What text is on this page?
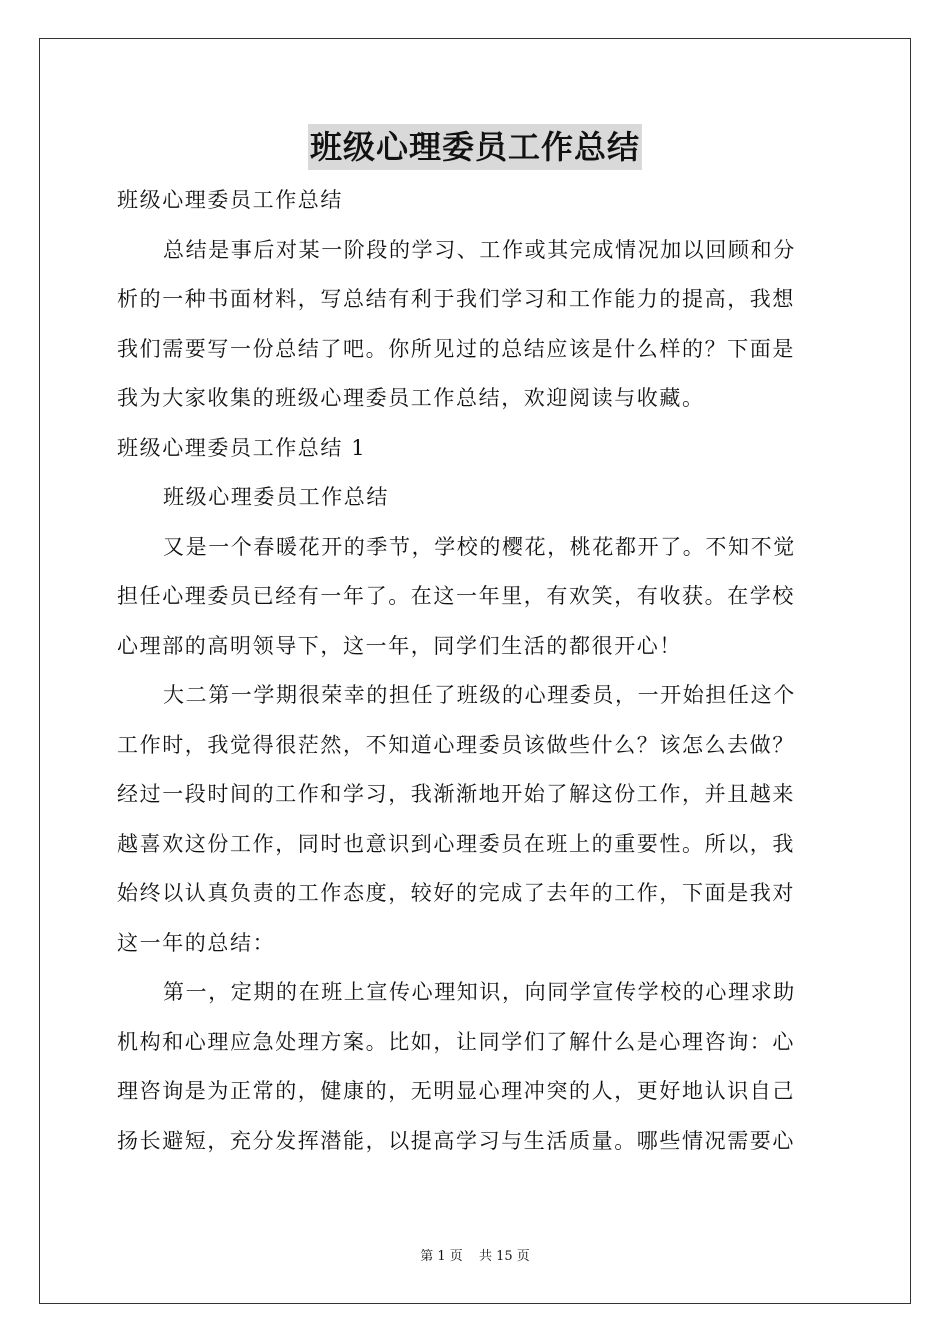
班级心理委员工作总结
班级心理委员工作总结
总结是事后对某一阶段的学习、工作或其完成情况加以回顾和分
析的一种书面材料，写总结有利于我们学习和工作能力的提高，我想
我们需要写一份总结了吧。你所见过的总结应该是什么样的？下面是
我为大家收集的班级心理委员工作总结，欢迎阅读与收藏。
班级心理委员工作总结 1
班级心理委员工作总结
又是一个春暖花开的季节，学校的樱花，桃花都开了。不知不觉
担任心理委员已经有一年了。在这一年里，有欢笑，有收获。在学校
心理部的高明领导下，这一年，同学们生活的都很开心！
大二第一学期很荣幸的担任了班级的心理委员，一开始担任这个
工作时，我觉得很茫然，不知道心理委员该做些什么？该怎么去做？
经过一段时间的工作和学习，我渐渐地开始了解这份工作，并且越来
越喜欢这份工作，同时也意识到心理委员在班上的重要性。所以，我
始终以认真负责的工作态度，较好的完成了去年的工作，下面是我对
这一年的总结：
第一，定期的在班上宣传心理知识，向同学宣传学校的心理求助
机构和心理应急处理方案。比如，让同学们了解什么是心理咨询：心
理咨询是为正常的，健康的，无明显心理冲突的人，更好地认识自己
扬长避短，充分发挥潜能，以提高学习与生活质量。哪些情况需要心
第 1 页 共 15 页
